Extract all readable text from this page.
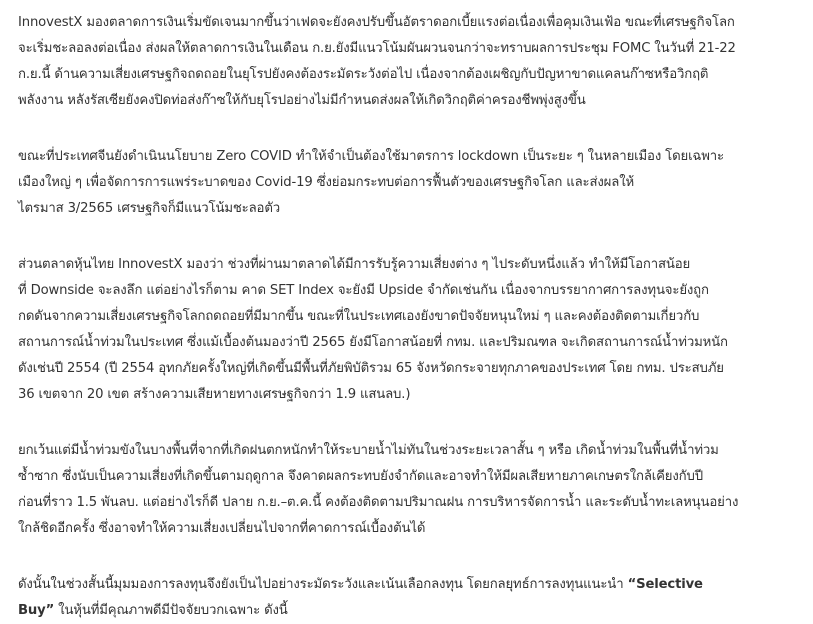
InnovestX มองตลาดการเงินเริ่มขัดเจนมากขึ้นว่าเฟดจะยังคงปรับขึ้นอัตราดอกเบี้ยแรงต่อเนื่องเพื่อคุมเงินเฟ้อ ขณะที่เศรษฐกิจโลก
จะเริ่มชะลอลงต่อเนื่อง ส่งผลให้ตลาดการเงินในเดือน ก.ย.ยังมีแนวโน้มผันผวนจนกว่าจะทราบผลการประชุม FOMC ในวันที่ 21-22
ก.ย.นี้ ด้านความเสี่ยงเศรษฐกิจถดถอยในยุโรปยังคงต้องระมัดระวังต่อไป เนื่องจากต้องเผชิญกับปัญหาขาดแคลนก๊าซหรือวิกฤติ
พลังงาน หลังรัสเซียยังคงปิดท่อส่งก๊าซให้กับยุโรปอย่างไม่มีกำหนดส่งผลให้เกิดวิกฤติค่าครองชีพพุ่งสูงขึ้น
ขณะที่ประเทศจีนยังดำเนินนโยบาย Zero COVID ทำให้จำเป็นต้องใช้มาตรการ lockdown เป็นระยะ ๆ ในหลายเมือง โดยเฉพาะ
เมืองใหญ่ ๆ เพื่อจัดการการแพร่ระบาดของ Covid-19 ซึ่งย่อมกระทบต่อการฟื้นตัวของเศรษฐกิจโลก และส่งผลให้
ไตรมาส 3/2565 เศรษฐกิจก็มีแนวโน้มชะลอตัว
ส่วนตลาดหุ้นไทย InnovestX มองว่า ช่วงที่ผ่านมาตลาดได้มีการรับรู้ความเสี่ยงต่าง ๆ ไประดับหนึ่งแล้ว ทำให้มีโอกาสน้อย
ที่ Downside จะลงลึก แต่อย่างไรก็ตาม คาด SET Index จะยังมี Upside จำกัดเช่นกัน เนื่องจากบรรยากาศการลงทุนจะยังถูก
กดดันจากความเสี่ยงเศรษฐกิจโลกถดถอยที่มีมากขึ้น ขณะที่ในประเทศเองยังขาดปัจจัยหนุนใหม่ ๆ และคงต้องติดตามเกี่ยวกับ
สถานการณ์น้ำท่วมในประเทศ ซึ่งแม้เบื้องต้นมองว่าปี 2565 ยังมีโอกาสน้อยที่ กทม. และปริมณฑล จะเกิดสถานการณ์น้ำท่วมหนัก
ดังเช่นปี 2554 (ปี 2554 อุทกภัยครั้งใหญ่ที่เกิดขึ้นมีพื้นที่ภัยพิบัติรวม 65 จังหวัดกระจายทุกภาคของประเทศ โดย กทม. ประสบภัย
36 เขตจาก 20 เขต สร้างความเสียหายทางเศรษฐกิจกว่า 1.9 แสนลบ.)
ยกเว้นแต่มีน้ำท่วมขังในบางพื้นที่จากที่เกิดฝนตกหนักทำให้ระบายน้ำไม่ทันในช่วงระยะเวลาสั้น ๆ หรือ เกิดน้ำท่วมในพื้นที่น้ำท่วม
ซ้ำซาก ซึ่งนับเป็นความเสี่ยงที่เกิดขึ้นตามฤดูกาล จึงคาดผลกระทบยังจำกัดและอาจทำให้มีผลเสียหายภาคเกษตรใกล้เคียงกับปี
ก่อนที่ราว 1.5 พันลบ. แต่อย่างไรก็ดี ปลาย ก.ย.–ต.ค.นี้ คงต้องติดตามปริมาณฝน การบริหารจัดการน้ำ และระดับน้ำทะเลหนุนอย่าง
ใกล้ชิดอีกครั้ง ซึ่งอาจทำให้ความเสี่ยงเปลี่ยนไปจากที่คาดการณ์เบื้องต้นได้
ดังนั้นในช่วงสั้นนี้มุมมองการลงทุนจึงยังเป็นไปอย่างระมัดระวังและเน้นเลือกลงทุน โดยกลยุทธ์การลงทุนแนะนำ “Selective
Buy” ในหุ้นที่มีคุณภาพดีมีปัจจัยบวกเฉพาะ ดังนี้
